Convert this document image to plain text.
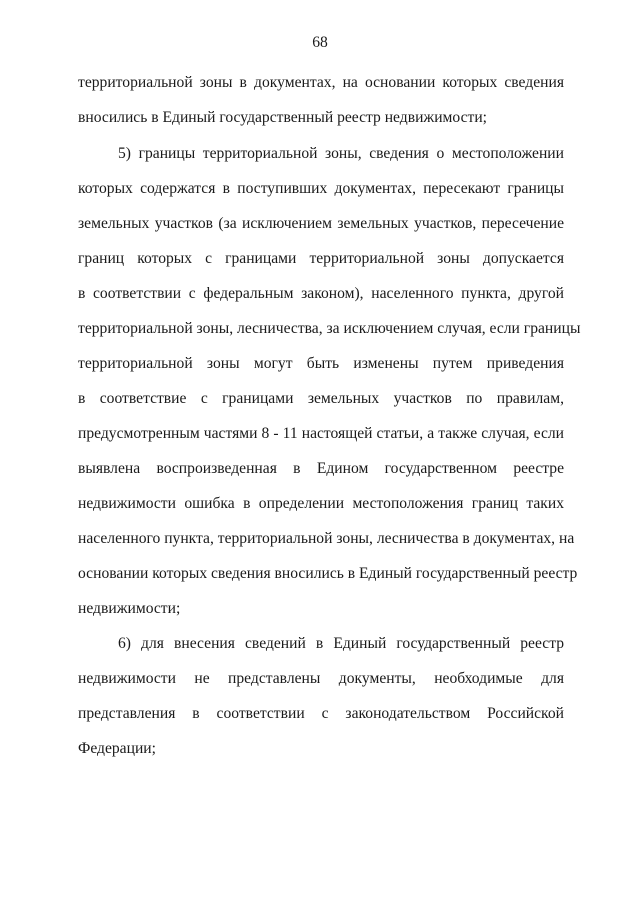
68
территориальной зоны в документах, на основании которых сведения
вносились в Единый государственный реестр недвижимости;
5) границы территориальной зоны, сведения о местоположении
которых содержатся в поступивших документах, пересекают границы
земельных участков (за исключением земельных участков, пересечение
границ которых с границами территориальной зоны допускается
в соответствии с федеральным законом), населенного пункта, другой
территориальной зоны, лесничества, за исключением случая, если границы
территориальной зоны могут быть изменены путем приведения
в соответствие с границами земельных участков по правилам,
предусмотренным частями 8 - 11 настоящей статьи, а также случая, если
выявлена воспроизведенная в Едином государственном реестре
недвижимости ошибка в определении местоположения границ таких
населенного пункта, территориальной зоны, лесничества в документах, на
основании которых сведения вносились в Единый государственный реестр
недвижимости;
6) для внесения сведений в Единый государственный реестр
недвижимости не представлены документы, необходимые для
представления в соответствии с законодательством Российской
Федерации;
